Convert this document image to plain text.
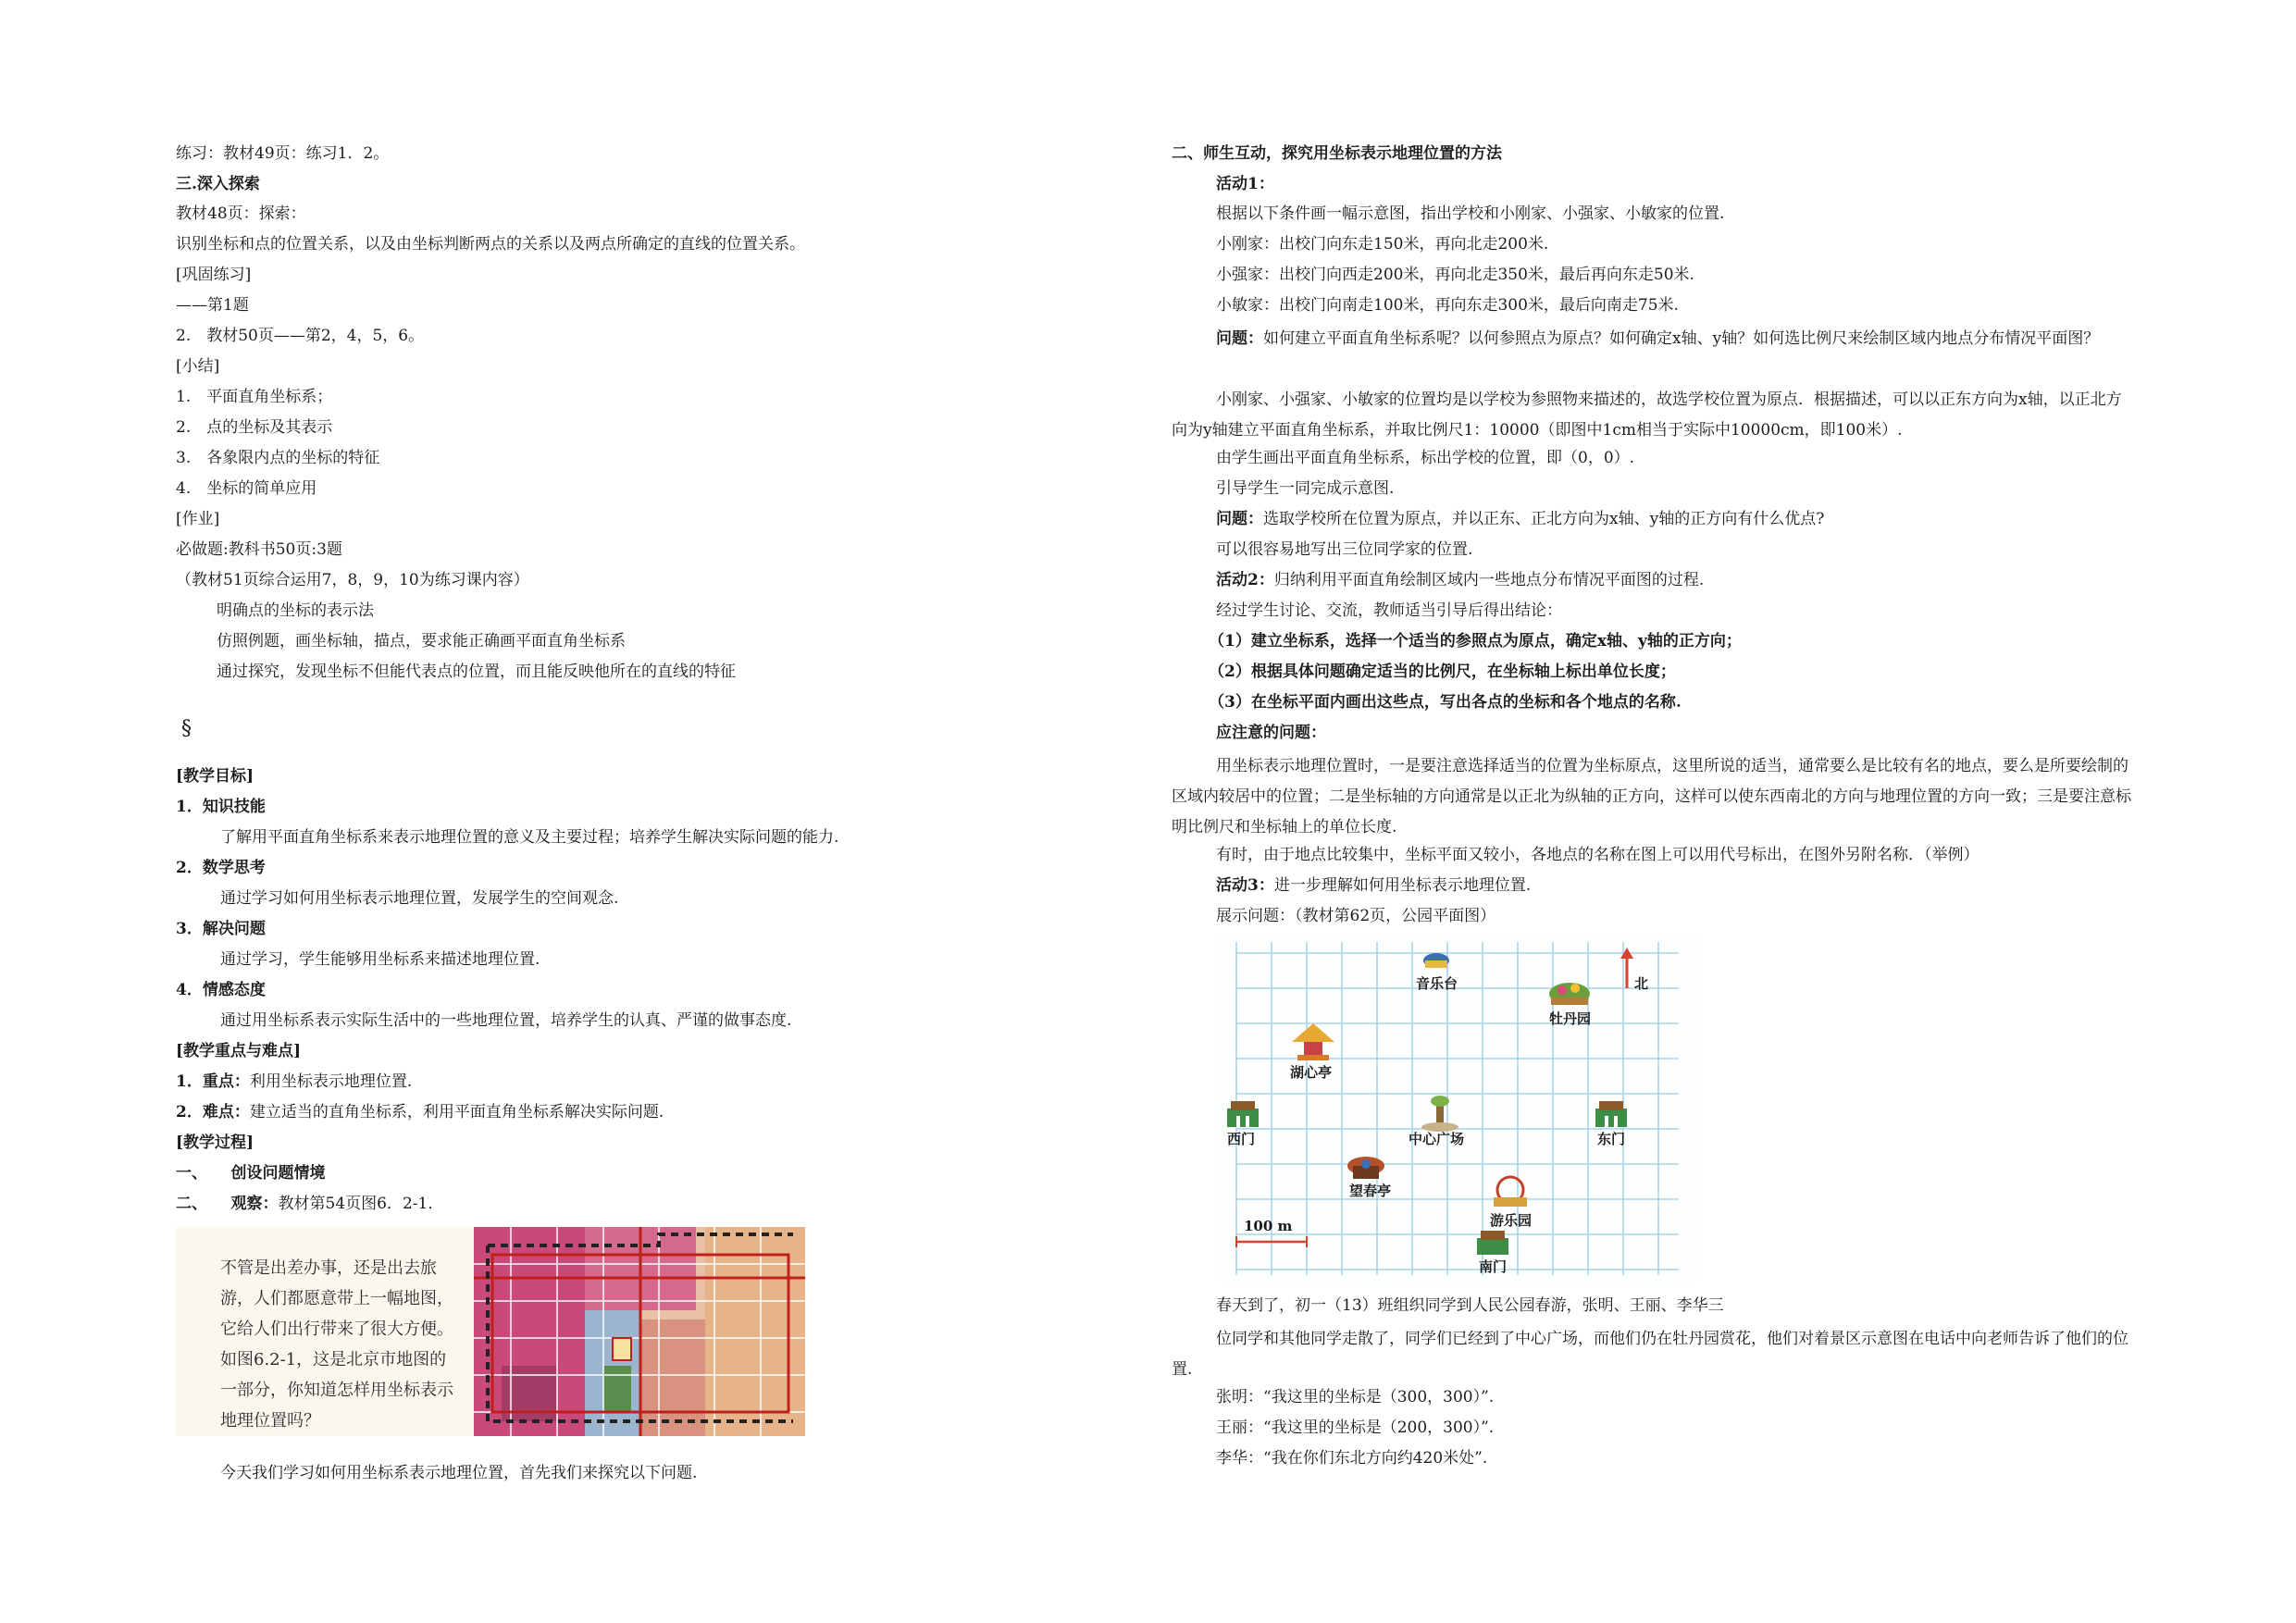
练习：教材49页：练习1．2。
三.深入探索
教材48页：探索：
识别坐标和点的位置关系，以及由坐标判断两点的关系以及两点所确定的直线的位置关系。
[巩固练习]
——第1题
2.　教材50页——第2，4，5，6。
[小结]
1.　平面直角坐标系；
2.　点的坐标及其表示
3.　各象限内点的坐标的特征
4.　坐标的简单应用
[作业]
必做题:教科书50页:3题
（教材51页综合运用7，8，9，10为练习课内容）
明确点的坐标的表示法
仿照例题，画坐标轴，描点，要求能正确画平面直角坐标系
通过探究，发现坐标不但能代表点的位置，而且能反映他所在的直线的特征
§
[教学目标]
1．知识技能
了解用平面直角坐标系来表示地理位置的意义及主要过程；培养学生解决实际问题的能力.
2．数学思考
通过学习如何用坐标表示地理位置，发展学生的空间观念.
3．解决问题
通过学习，学生能够用坐标系来描述地理位置.
4．情感态度
通过用坐标系表示实际生活中的一些地理位置，培养学生的认真、严谨的做事态度.
[教学重点与难点]
1．重点：利用坐标表示地理位置.
2．难点：建立适当的直角坐标系，利用平面直角坐标系解决实际问题.
[教学过程]
一、　　创设问题情境
二、　　观察：教材第54页图6．2-1．
不管是出差办事，还是出去旅游，人们都愿意带上一幅地图，它给人们出行带来了很大方便。如图6.2-1，这是北京市地图的一部分，你知道怎样用坐标表示地理位置吗？
今天我们学习如何用坐标系表示地理位置，首先我们来探究以下问题.
二、师生互动，探究用坐标表示地理位置的方法
活动1：
根据以下条件画一幅示意图，指出学校和小刚家、小强家、小敏家的位置.
小刚家：出校门向东走150米，再向北走200米.
小强家：出校门向西走200米，再向北走350米，最后再向东走50米.
小敏家：出校门向南走100米，再向东走300米，最后向南走75米.
问题：如何建立平面直角坐标系呢？以何参照点为原点？如何确定x轴、y轴？如何选比例尺来绘制区域内地点分布情况平面图？
小刚家、小强家、小敏家的位置均是以学校为参照物来描述的，故选学校位置为原点．根据描述，可以以正东方向为x轴，以正北方向为y轴建立平面直角坐标系，并取比例尺1：10000（即图中1cm相当于实际中10000cm，即100米）.
由学生画出平面直角坐标系，标出学校的位置，即（0，0）.
引导学生一同完成示意图.
问题：选取学校所在位置为原点，并以正东、正北方向为x轴、y轴的正方向有什么优点?
可以很容易地写出三位同学家的位置.
活动2：归纳利用平面直角绘制区域内一些地点分布情况平面图的过程.
经过学生讨论、交流，教师适当引导后得出结论：
（1）建立坐标系，选择一个适当的参照点为原点，确定x轴、y轴的正方向；
（2）根据具体问题确定适当的比例尺，在坐标轴上标出单位长度；
（3）在坐标平面内画出这些点，写出各点的坐标和各个地点的名称.
应注意的问题：
用坐标表示地理位置时，一是要注意选择适当的位置为坐标原点，这里所说的适当，通常要么是比较有名的地点，要么是所要绘制的区域内较居中的位置；二是坐标轴的方向通常是以正北为纵轴的正方向，这样可以使东西南北的方向与地理位置的方向一致；三是要注意标明比例尺和坐标轴上的单位长度.
有时，由于地点比较集中，坐标平面又较小，各地点的名称在图上可以用代号标出，在图外另附名称．（举例）
活动3：进一步理解如何用坐标表示地理位置.
展示问题：（教材第62页，公园平面图）
音乐台
牡丹园
北
湖心亭
西门	中心广场	东门
望春亭
游乐园
100 m
南门
春天到了，初一（13）班组织同学到人民公园春游，张明、王丽、李华三
位同学和其他同学走散了，同学们已经到了中心广场，而他们仍在牡丹园赏花，他们对着景区示意图在电话中向老师告诉了他们的位置.
张明：“我这里的坐标是（300，300）”.
王丽：“我这里的坐标是（200，300）”.
李华：“我在你们东北方向约420米处”.
